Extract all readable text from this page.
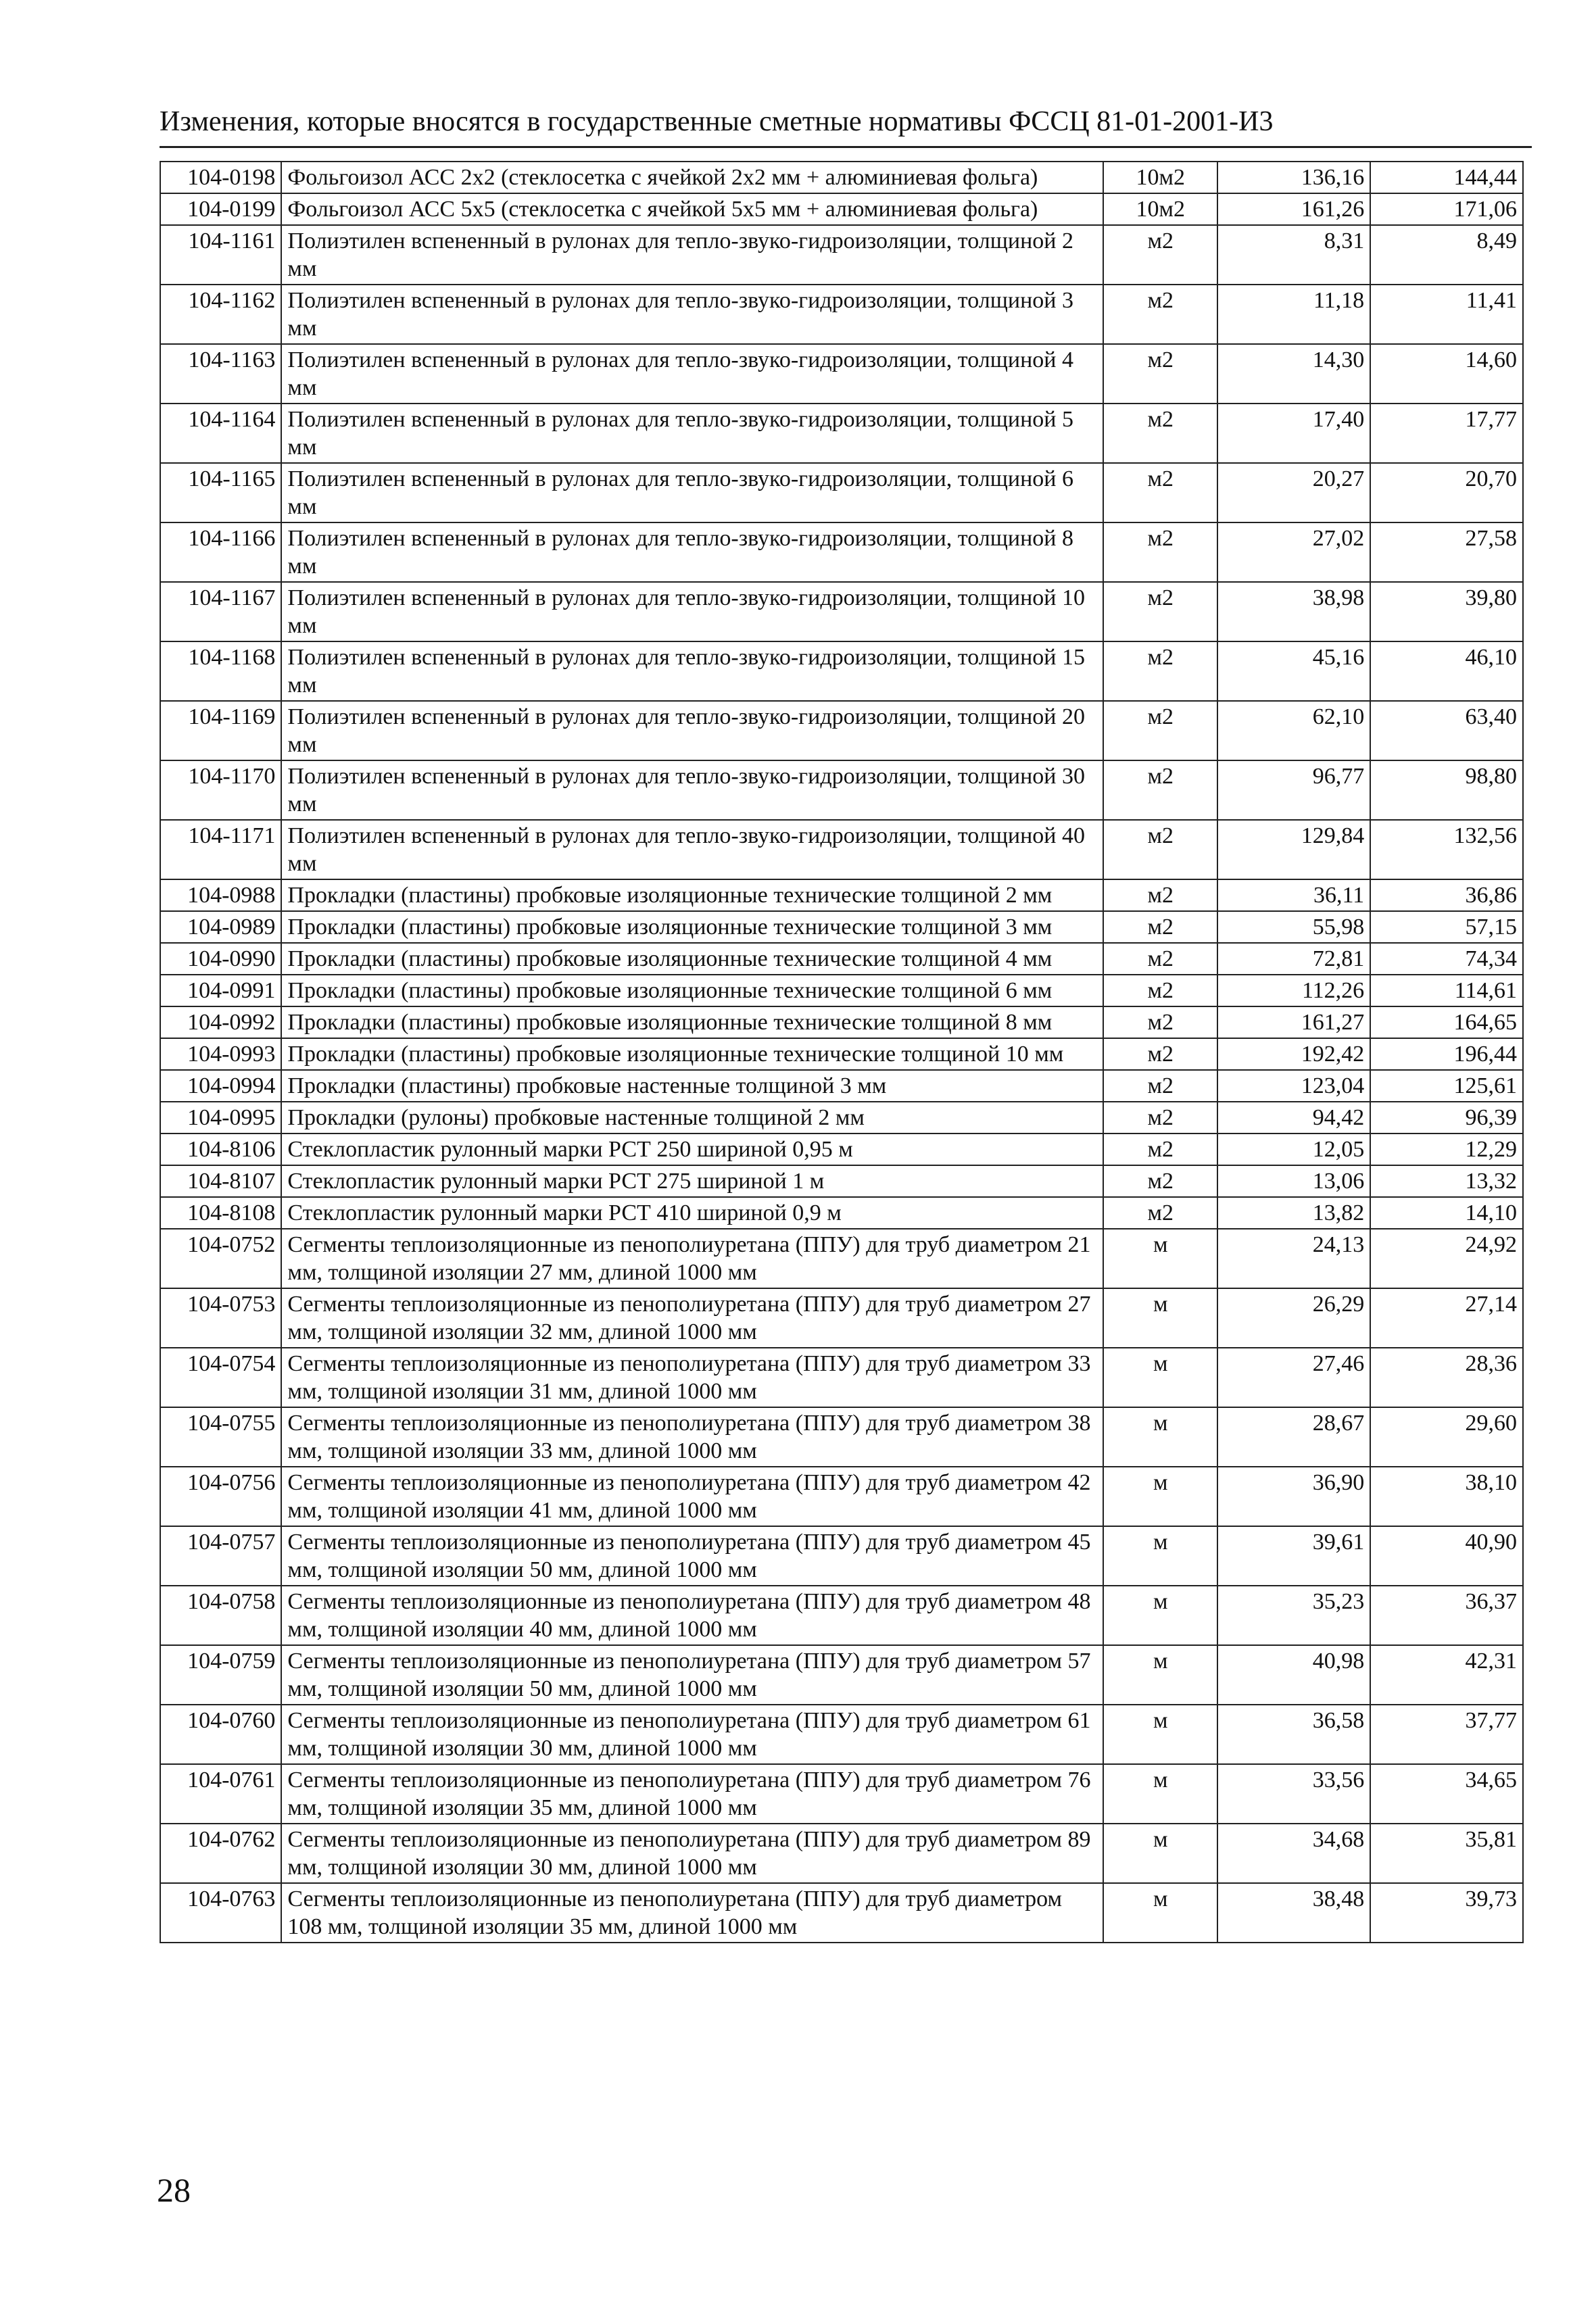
Изменения, которые вносятся в государственные сметные нормативы ФССЦ 81-01-2001-И3
104-0198	Фольгоизол АСС 2x2 (стеклосетка с ячейкой 2x2 мм + алюминиевая фольга)	10м2	136,16	144,44
104-0199	Фольгоизол АСС 5x5 (стеклосетка с ячейкой 5x5 мм + алюминиевая фольга)	10м2	161,26	171,06
104-1161	Полиэтилен вспененный в рулонах для тепло-звуко-гидроизоляции, толщиной 2 мм	м2	8,31	8,49
104-1162	Полиэтилен вспененный в рулонах для тепло-звуко-гидроизоляции, толщиной 3 мм	м2	11,18	11,41
104-1163	Полиэтилен вспененный в рулонах для тепло-звуко-гидроизоляции, толщиной 4 мм	м2	14,30	14,60
104-1164	Полиэтилен вспененный в рулонах для тепло-звуко-гидроизоляции, толщиной 5 мм	м2	17,40	17,77
104-1165	Полиэтилен вспененный в рулонах для тепло-звуко-гидроизоляции, толщиной 6 мм	м2	20,27	20,70
104-1166	Полиэтилен вспененный в рулонах для тепло-звуко-гидроизоляции, толщиной 8 мм	м2	27,02	27,58
104-1167	Полиэтилен вспененный в рулонах для тепло-звуко-гидроизоляции, толщиной 10 мм	м2	38,98	39,80
104-1168	Полиэтилен вспененный в рулонах для тепло-звуко-гидроизоляции, толщиной 15 мм	м2	45,16	46,10
104-1169	Полиэтилен вспененный в рулонах для тепло-звуко-гидроизоляции, толщиной 20 мм	м2	62,10	63,40
104-1170	Полиэтилен вспененный в рулонах для тепло-звуко-гидроизоляции, толщиной 30 мм	м2	96,77	98,80
104-1171	Полиэтилен вспененный в рулонах для тепло-звуко-гидроизоляции, толщиной 40 мм	м2	129,84	132,56
104-0988	Прокладки (пластины) пробковые изоляционные технические толщиной 2 мм	м2	36,11	36,86
104-0989	Прокладки (пластины) пробковые изоляционные технические толщиной 3 мм	м2	55,98	57,15
104-0990	Прокладки (пластины) пробковые изоляционные технические толщиной 4 мм	м2	72,81	74,34
104-0991	Прокладки (пластины) пробковые изоляционные технические толщиной 6 мм	м2	112,26	114,61
104-0992	Прокладки (пластины) пробковые изоляционные технические толщиной 8 мм	м2	161,27	164,65
104-0993	Прокладки (пластины) пробковые изоляционные технические толщиной 10 мм	м2	192,42	196,44
104-0994	Прокладки (пластины) пробковые настенные толщиной 3 мм	м2	123,04	125,61
104-0995	Прокладки (рулоны) пробковые настенные толщиной 2 мм	м2	94,42	96,39
104-8106	Стеклопластик рулонный марки РСТ 250 шириной 0,95 м	м2	12,05	12,29
104-8107	Стеклопластик рулонный марки РСТ 275 шириной 1 м	м2	13,06	13,32
104-8108	Стеклопластик рулонный марки РСТ 410 шириной 0,9 м	м2	13,82	14,10
104-0752	Сегменты теплоизоляционные из пенополиуретана (ППУ) для труб диаметром 21 мм, толщиной изоляции 27 мм, длиной 1000 мм	м	24,13	24,92
104-0753	Сегменты теплоизоляционные из пенополиуретана (ППУ) для труб диаметром 27 мм, толщиной изоляции 32 мм, длиной 1000 мм	м	26,29	27,14
104-0754	Сегменты теплоизоляционные из пенополиуретана (ППУ) для труб диаметром 33 мм, толщиной изоляции 31 мм, длиной 1000 мм	м	27,46	28,36
104-0755	Сегменты теплоизоляционные из пенополиуретана (ППУ) для труб диаметром 38 мм, толщиной изоляции 33 мм, длиной 1000 мм	м	28,67	29,60
104-0756	Сегменты теплоизоляционные из пенополиуретана (ППУ) для труб диаметром 42 мм, толщиной изоляции 41 мм, длиной 1000 мм	м	36,90	38,10
104-0757	Сегменты теплоизоляционные из пенополиуретана (ППУ) для труб диаметром 45 мм, толщиной изоляции 50 мм, длиной 1000 мм	м	39,61	40,90
104-0758	Сегменты теплоизоляционные из пенополиуретана (ППУ) для труб диаметром 48 мм, толщиной изоляции 40 мм, длиной 1000 мм	м	35,23	36,37
104-0759	Сегменты теплоизоляционные из пенополиуретана (ППУ) для труб диаметром 57 мм, толщиной изоляции 50 мм, длиной 1000 мм	м	40,98	42,31
104-0760	Сегменты теплоизоляционные из пенополиуретана (ППУ) для труб диаметром 61 мм, толщиной изоляции 30 мм, длиной 1000 мм	м	36,58	37,77
104-0761	Сегменты теплоизоляционные из пенополиуретана (ППУ) для труб диаметром 76 мм, толщиной изоляции 35 мм, длиной 1000 мм	м	33,56	34,65
104-0762	Сегменты теплоизоляционные из пенополиуретана (ППУ) для труб диаметром 89 мм, толщиной изоляции 30 мм, длиной 1000 мм	м	34,68	35,81
104-0763	Сегменты теплоизоляционные из пенополиуретана (ППУ) для труб диаметром 108 мм, толщиной изоляции 35 мм, длиной 1000 мм	м	38,48	39,73
28
